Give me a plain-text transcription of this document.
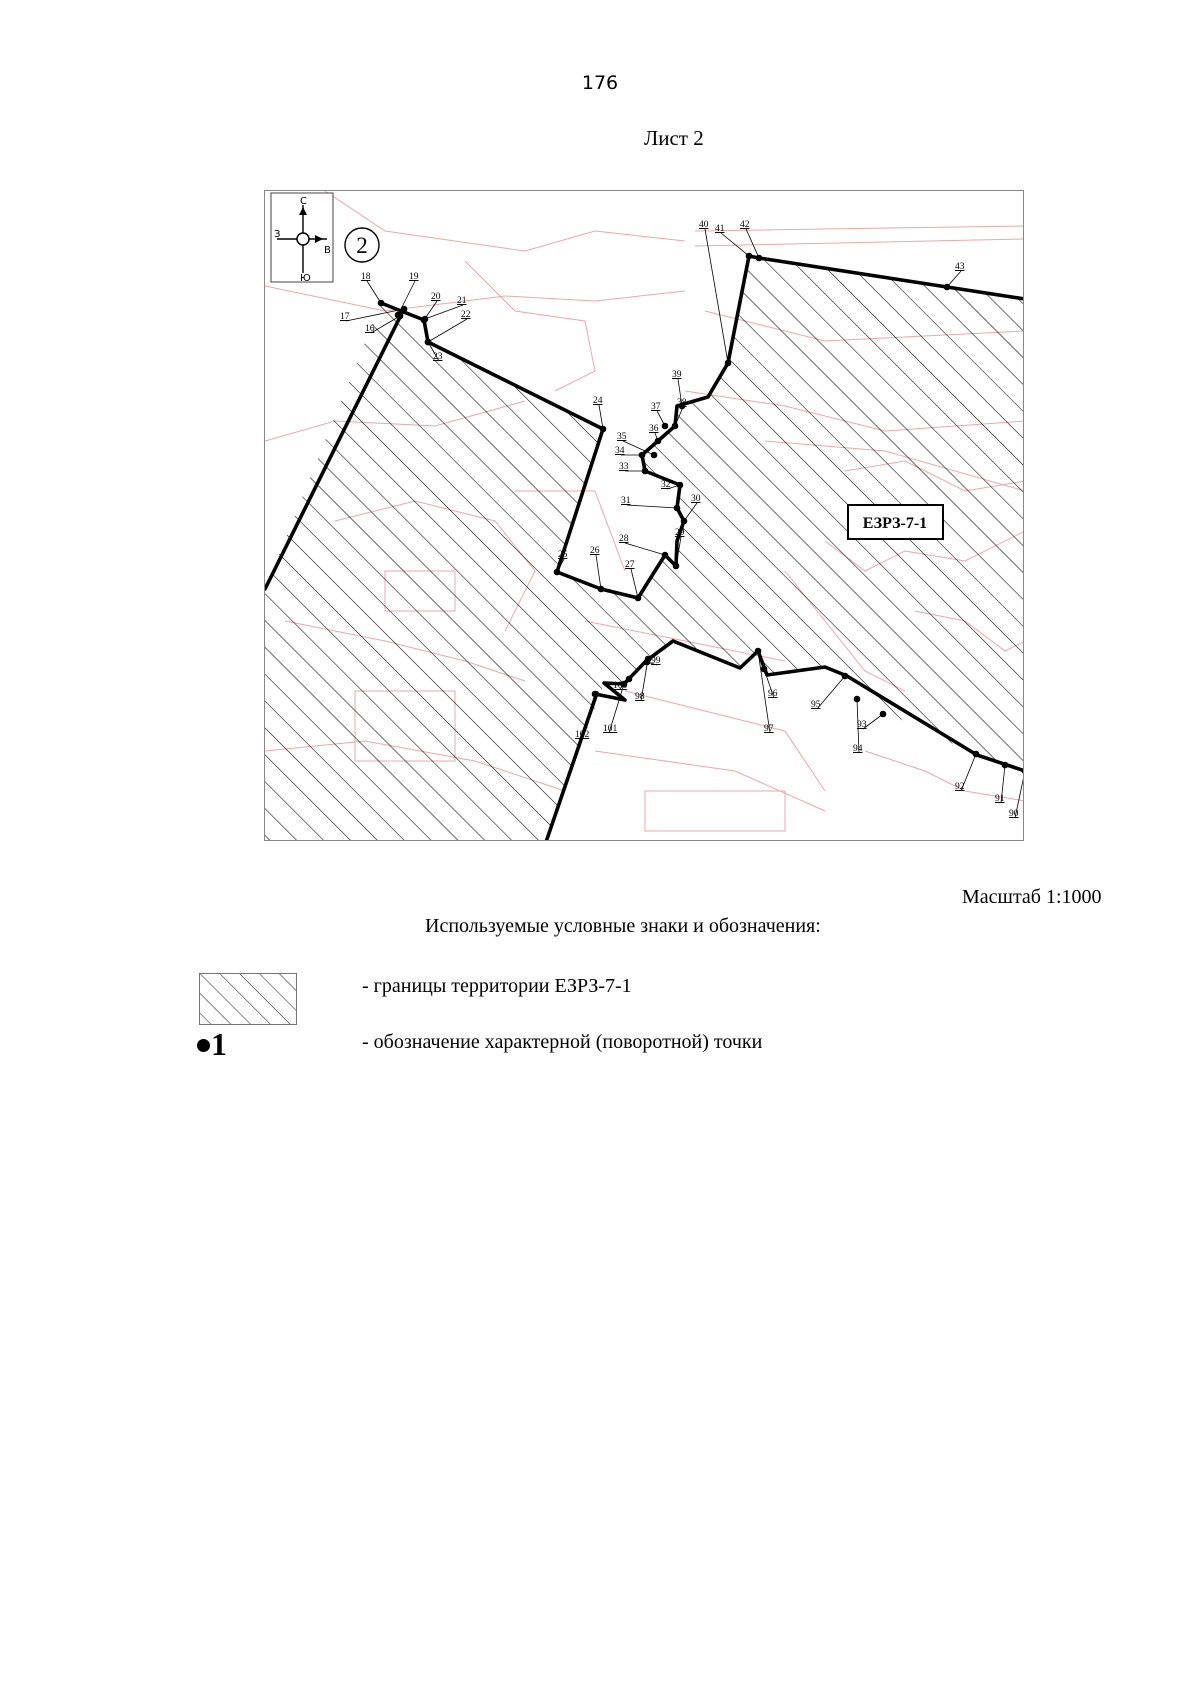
176
Лист 2
16
17
18	19
20 21
22
23
24
25 26
27
28
29
30
31
32
33
34
35
36
37 38
39
40 41 42
43
90
91
92
93
94
95
96
97
98
99
100
101
102
С
Ю
З
В 2
ЕЗРЗ-7-1
Масштаб 1:1000
Используемые условные знаки и обозначения:
- границы территории ЕЗРЗ-7-1
1	- обозначение характерной (поворотной) точки
